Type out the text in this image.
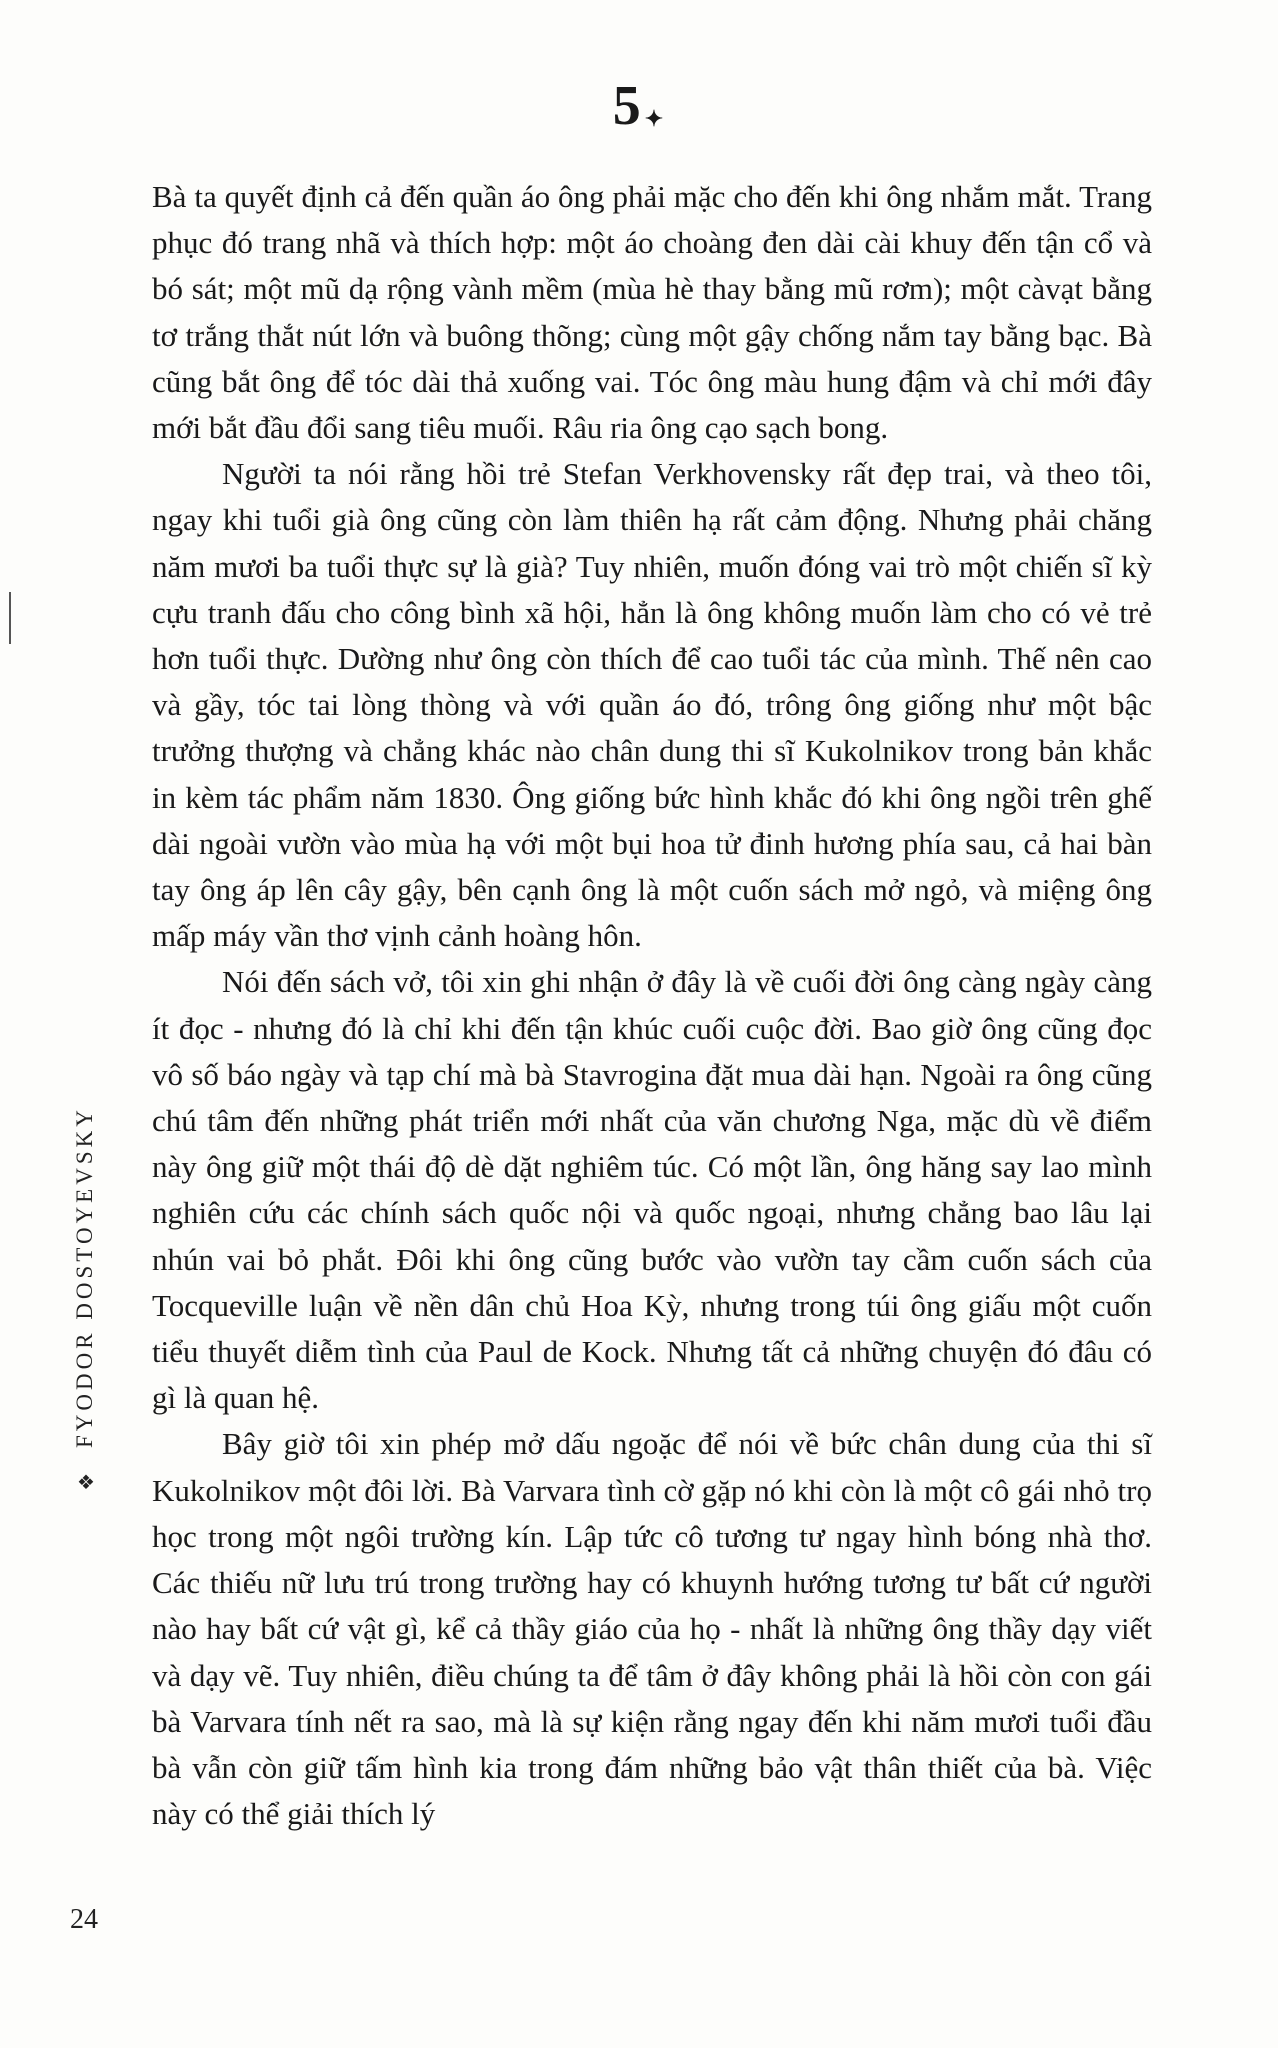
5✦

Bà ta quyết định cả đến quần áo ông phải mặc cho đến khi ông nhắm mắt. Trang phục đó trang nhã và thích hợp: một áo choàng đen dài cài khuy đến tận cổ và bó sát; một mũ dạ rộng vành mềm (mùa hè thay bằng mũ rơm); một càvạt bằng tơ trắng thắt nút lớn và buông thõng; cùng một gậy chống nắm tay bằng bạc. Bà cũng bắt ông để tóc dài thả xuống vai. Tóc ông màu hung đậm và chỉ mới đây mới bắt đầu đổi sang tiêu muối. Râu ria ông cạo sạch bong.

Người ta nói rằng hồi trẻ Stefan Verkhovensky rất đẹp trai, và theo tôi, ngay khi tuổi già ông cũng còn làm thiên hạ rất cảm động. Nhưng phải chăng năm mươi ba tuổi thực sự là già? Tuy nhiên, muốn đóng vai trò một chiến sĩ kỳ cựu tranh đấu cho công bình xã hội, hẳn là ông không muốn làm cho có vẻ trẻ hơn tuổi thực. Dường như ông còn thích để cao tuổi tác của mình. Thế nên cao và gầy, tóc tai lòng thòng và với quần áo đó, trông ông giống như một bậc trưởng thượng và chẳng khác nào chân dung thi sĩ Kukolnikov trong bản khắc in kèm tác phẩm năm 1830. Ông giống bức hình khắc đó khi ông ngồi trên ghế dài ngoài vườn vào mùa hạ với một bụi hoa tử đinh hương phía sau, cả hai bàn tay ông áp lên cây gậy, bên cạnh ông là một cuốn sách mở ngỏ, và miệng ông mấp máy vần thơ vịnh cảnh hoàng hôn.

Nói đến sách vở, tôi xin ghi nhận ở đây là về cuối đời ông càng ngày càng ít đọc - nhưng đó là chỉ khi đến tận khúc cuối cuộc đời. Bao giờ ông cũng đọc vô số báo ngày và tạp chí mà bà Stavrogina đặt mua dài hạn. Ngoài ra ông cũng chú tâm đến những phát triển mới nhất của văn chương Nga, mặc dù về điểm này ông giữ một thái độ dè dặt nghiêm túc. Có một lần, ông hăng say lao mình nghiên cứu các chính sách quốc nội và quốc ngoại, nhưng chẳng bao lâu lại nhún vai bỏ phắt. Đôi khi ông cũng bước vào vườn tay cầm cuốn sách của Tocqueville luận về nền dân chủ Hoa Kỳ, nhưng trong túi ông giấu một cuốn tiểu thuyết diễm tình của Paul de Kock. Nhưng tất cả những chuyện đó đâu có gì là quan hệ.

Bây giờ tôi xin phép mở dấu ngoặc để nói về bức chân dung của thi sĩ Kukolnikov một đôi lời. Bà Varvara tình cờ gặp nó khi còn là một cô gái nhỏ trọ học trong một ngôi trường kín. Lập tức cô tương tư ngay hình bóng nhà thơ. Các thiếu nữ lưu trú trong trường hay có khuynh hướng tương tư bất cứ người nào hay bất cứ vật gì, kể cả thầy giáo của họ - nhất là những ông thầy dạy viết và dạy vẽ. Tuy nhiên, điều chúng ta để tâm ở đây không phải là hồi còn con gái bà Varvara tính nết ra sao, mà là sự kiện rằng ngay đến khi năm mươi tuổi đầu bà vẫn còn giữ tấm hình kia trong đám những bảo vật thân thiết của bà. Việc này có thể giải thích lý

FYODOR DOSTOYEVSKY
❖
24
